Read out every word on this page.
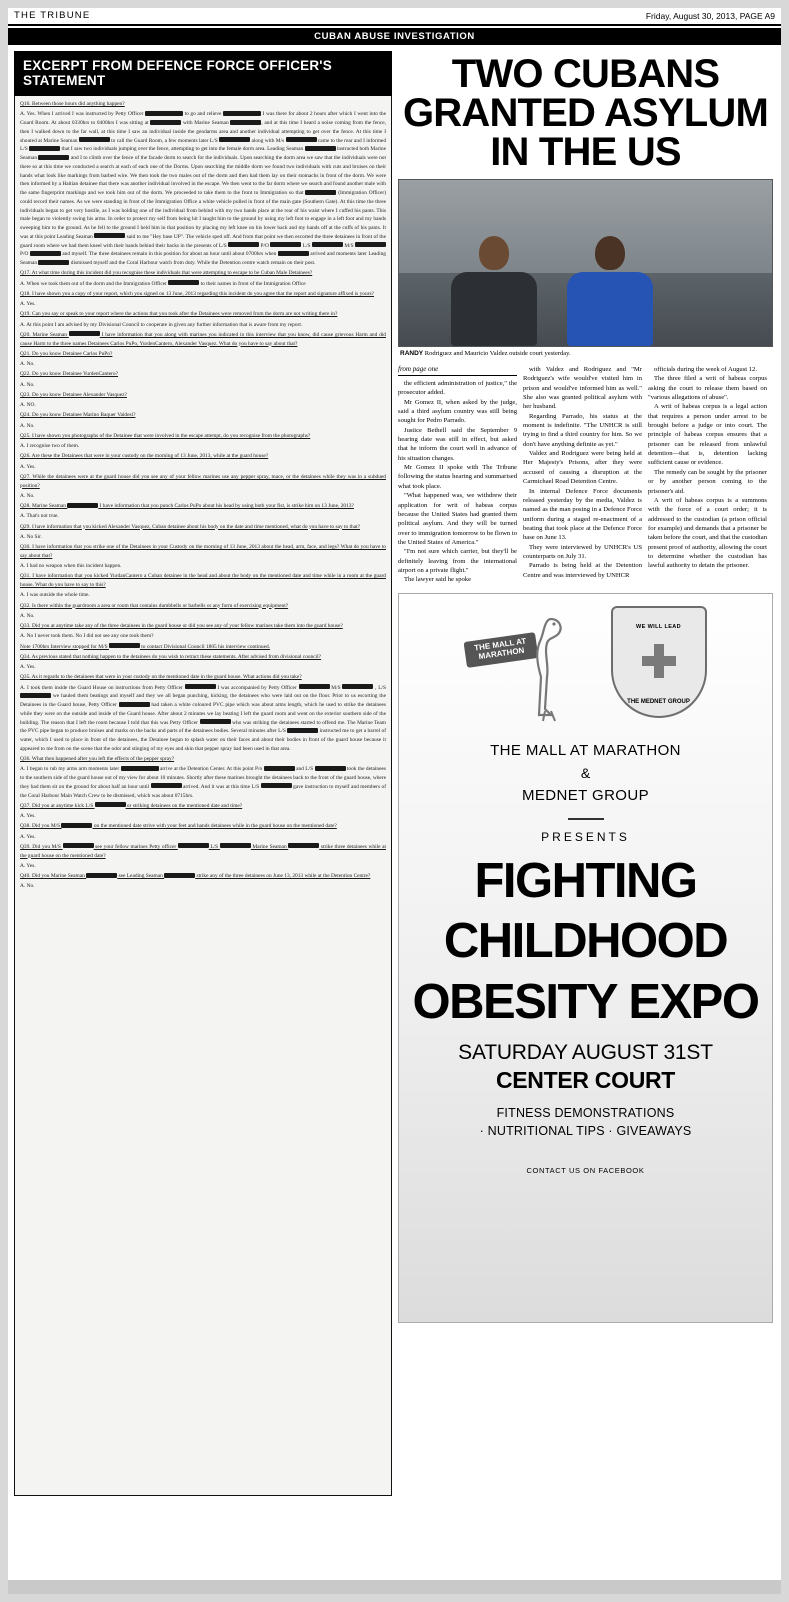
THE TRIBUNE	Friday, August 30, 2013, PAGE A9
CUBAN ABUSE INVESTIGATION
EXCERPT FROM DEFENCE FORCE OFFICER'S STATEMENT

Q16. Between those hours did anything happen?

A. Yes. When I arrived I was instructed by Petty Officer	to go and relieve	I was there for about 2 hours after which I went into the Guard Room. At about 0330hrs to 0400hrs I was sitting at	with Marine Seaman	, and at this time I heard a noise coming from the fence, then I walked down to the far wall, at this time I saw an individual inside the gendarms area and another individual attempting to get over the fence. At this time I shouted at Marine Seaman	to call the Guard Room, a few moments later L/S	along with M/s	came to the rear and I informed L/S	that I saw two individuals jumping over the fence, attempting to get into the female dorm area. Leading Seaman	instructed both Marine Seaman	and I to climb over the fence of the facade dorm to search for the individuals. Upon searching the dorm area we saw that the individuals were not there so at this time we conducted a search at each of each one of the Dorms. Upon searching the middle dorm we found two individuals with cuts and bruises on their hands what look like markings from barbed wire. We then took the two males out of the dorm and then had them lay on their stomachs in front of the dorm. We were then informed by a Haitian detainee that there was another individual involved in the escape. We then went to the far dorm where we search and found another male with the same fingerprint markings and we took him out of the dorm. We proceeded to take them to the front to Immigration so that	(Immigration Officer) could record their names. As we were standing in front of the Immigration Office a white vehicle pulled in front of the main gate (Southern Gate). At this time the three individuals began to get very hostile, as I was holding one of the individual from behind with my two hands place at the rear of his waist where I cuffed his pants. This male began to violently swing his arms. In order to protect my self from being hit I taught him to the ground by using my left foot to engage in a left foot and my hands sweeping him to the ground. As he fell to the ground I held him in that position by placing my left knee on his lower back and my hands off at the cuffs of his pants. It was at this point Leading Seaman	said to me "Hey base UP". The vehicle sped off. And from that point we then escorted the three detainees in front of the guard room where we had them kneel with their hands behind their backs in the presents of L/S	P/O	L/S	M/S  P/O	and myself. The three detainees remain in this position for about an hour until about 0700hrs when	arrived and moments later Leading Seaman	dismissed myself and the Coral Harbour watch from duty. While the Detention centre watch remain on their post.

Q17. At what time during this incident did you recognise these individuals that were attempting to escape to be Cuban Male Detainees?

A. When we took them out of the dorm and the Immigration Officer	to their names in front of the Immigration Office

Q18. I have shown you a copy of your report, which you signed on 13 June, 2013 regarding this incident do you agree that the report and signature affixed is yours?

A. Yes.

Q19. Can you say or speak to your report where the actions that you took after the Detainees were removed from the dorm are not writing there in?

A. At this point I am advised by my Divisional Council to cooperate in given any further information that is aware from my report.

Q20. Marine Seaman	I have information that you along with marines you indicated in this interview that you know, did cause grievous Harm and did cause Harm to the three names Detainees Carlos PuPo, YurdenCantero, Alexander Vasquez. What do you have to say about that?

Q21. Do you know Detainee Carlos PuPo?

A. No.

Q22. Do you know Detainee YurdenCantero?

A. No.

Q23. Do you know Detainee Alexander Vasquez?

A. NO.

Q24. Do you know Detainee Marino Baquer Valdesi?

A. No.

Q25. I have shown you photographs of the Detainee that were involved in the escape attempt, do you recognise from the photographs?

A. I recognise two of them.

Q26. Are these the Detainees that were in your custody on the morning of 13 June, 2013, while at the guard house?

A. Yes.

Q27. While the detainees were at the guard house did you see any of your fellow marines use any pepper spray, mace, or the detainees while they was in a subdued position?

A. No.

Q28. Marine Seaman	I have information that you punch Carlos PuPo about his head by using both your fist, is strike him on 13 June, 2013?

A. That's not true.

Q29. I have information that you kicked Alexander Vasquez, Cuban detainee about his body on the date and time mentioned, what do you have to say to that?

A. No Sir.

Q30. I have information that you strike one of the Detainees in your Custody on the morning of 13 June, 2013 about the head, arm, face, and legs? What do you have to say about that?

A. I had no weapon when this incident happen.

Q31. I have information that you kicked YurdanCantero a Cuban detainee in the head and about the body on the mentioned date and time while in a room at the guard house. What do you have to say to this?

A. I was outside the whole time.

Q32. Is there within the guardroom a area or room that contains dumbbells or barbells or any form of exercising equipment?

A. No.

Q33. Did you at anytime take any of the three detainees in the guard house or did you see any of your fellow marines take them into the guard house?

A. No I never took them. No I did not see any one took them?

Note 1700hrs Interview stopped for M/S	to contact Divisional Council 1805 his interview continued.

Q34. As previous stated that nothing happen to the detainees do you wish to retract these statements. After advised from divisional council?

A. Yes.

Q35. As it regards to the detainees that were in your custody on the mentioned date in the guard house. What actions did you take?

A. I took them inside the Guard House on instructions from Petty Officer	I was accompanied by Petty Officer	M/S	, L/S  we hauled them beatings and myself and they we all began punching, kicking, the detainees who were laid out on the floor. Prior to us escorting the Detainees in the Guard house, Petty Officer	had taken a white coloured PVC pipe which was about arms length, which he used to strike the detainees while they were on the outside and inside of the Guard house. After about 2 minutes we lay beating I left the guard room and went on the exterior southern side of the building. The reason that I left the room because I told that this was Petty Officer	who was striking the detainees started to offend me. The Marine Team the PVC pipe began to produce bruises and marks on the backs and parts of the detainees bodies. Several minutes after L/S	instructed me to get a barrel of water, which I used to place in front of the detainees, the Detainee began to splash water on their faces and about their bodies in front of the guard house because it appeared to me from on the scene that the odor and stinging of my eyes and skin that pepper spray had been used in that area.

Q36. What then happened after you left the effects of the pepper spray?

A. I began to rub my arms arm moments later	arrive at the Detention Center. At this point P/o	and L/S	took the detainees to the southern side of the guard house out of my view for about 10 minutes. Shortly after these marines brought the detainees back to the front of the guard house, where they had them sit on the ground for about half an hour until	arrived. And it was at this time L/S	gave instruction to myself and members of the Coral Harbour Main Watch Crew to be dismissed, which was about 0715hrs.

Q37. Did you at anytime kick L/S	or striking detainees on the mentioned date and time?

A. Yes.

Q38. Did you M/S	on the mentioned date strive with your feet and hands detainees while in the guard house on the mentioned date?

A. Yes.

Q39. Did you M/S	see your fellow marines Petty officer	L/S	Marine Seaman	strike three detainees while at the guard house on the mentioned date?

A. Yes.

Q40. Did you Marine Seaman	see Leading Seaman	strike any of the three detainees on June 13, 2013 while at the Detention Centre?

A. No.

TWO CUBANS GRANTED ASYLUM IN THE US
RANDY Rodriguez and Mauricio Valdez outside court yesterday.
from page one

the efficient administration of justice," the prosecutor added.

Mr Gomez II, when asked by the judge, said a third asylum country was still being sought for Pedro Parrado.

Justice Bethell said the September 9 hearing date was still in effect, but asked that he inform the court well in advance of his situation changes.

Mr Gomez II spoke with The Tribune following the status hearing and summarised what took place.

"What happened was, we withdrew their application for writ of habeas corpus because the United States had granted them political asylum. And they will be turned over to immigration tomorrow to be flown to the United States of America."

"I'm not sure which carrier, but they'll be definitely leaving from the international airport on a private flight."

The lawyer said he spoke

with Valdez and Rodriguez and "Mr Rodriguez's wife would've visited him in prison and would've informed him as well." She also was granted political asylum with her husband.

Regarding Parrado, his status at the moment is indefinite. "The UNHCR is still trying to find a third country for him. So we don't have anything definite as yet."

Valdez and Rodriguez were being held at Her Majesty's Prisons, after they were accused of causing a disruption at the Carmichael Road Detention Centre.

In internal Defence Force documents released yesterday by the media, Valdez is named as the man posing in a Defence Force uniform during a staged re-enactment of a beating that took place at the Defence Force base on June 13.

They were interviewed by UNHCR's US counterparts on July 31.

Parrado is being held at the Detention Centre and was interviewed by UNHCR

officials during the week of August 12.

The three filed a writ of habeas corpus asking the court to release them based on "various allegations of abuse".

A writ of habeas corpus is a legal action that requires a person under arrest to be brought before a judge or into court. The principle of habeas corpus ensures that a prisoner can be released from unlawful detention—that is, detention lacking sufficient cause or evidence.

The remedy can be sought by the prisoner or by another person coming to the prisoner's aid.

A writ of habeas corpus is a summons with the force of a court order; it is addressed to the custodian (a prison official for example) and demands that a prisoner be taken before the court, and that the custodian present proof of authority, allowing the court to determine whether the custodian has lawful authority to detain the prisoner.

THE MALL AT MARATHON
WE WILL LEAD
THE MEDNET GROUP
THE MALL AT MARATHON
&
MEDNET GROUP
PRESENTS
FIGHTING
CHILDHOOD
OBESITY EXPO
SATURDAY AUGUST 31ST
CENTER COURT
FITNESS DEMONSTRATIONS
· NUTRITIONAL TIPS · GIVEAWAYS
CONTACT US ON FACEBOOK
